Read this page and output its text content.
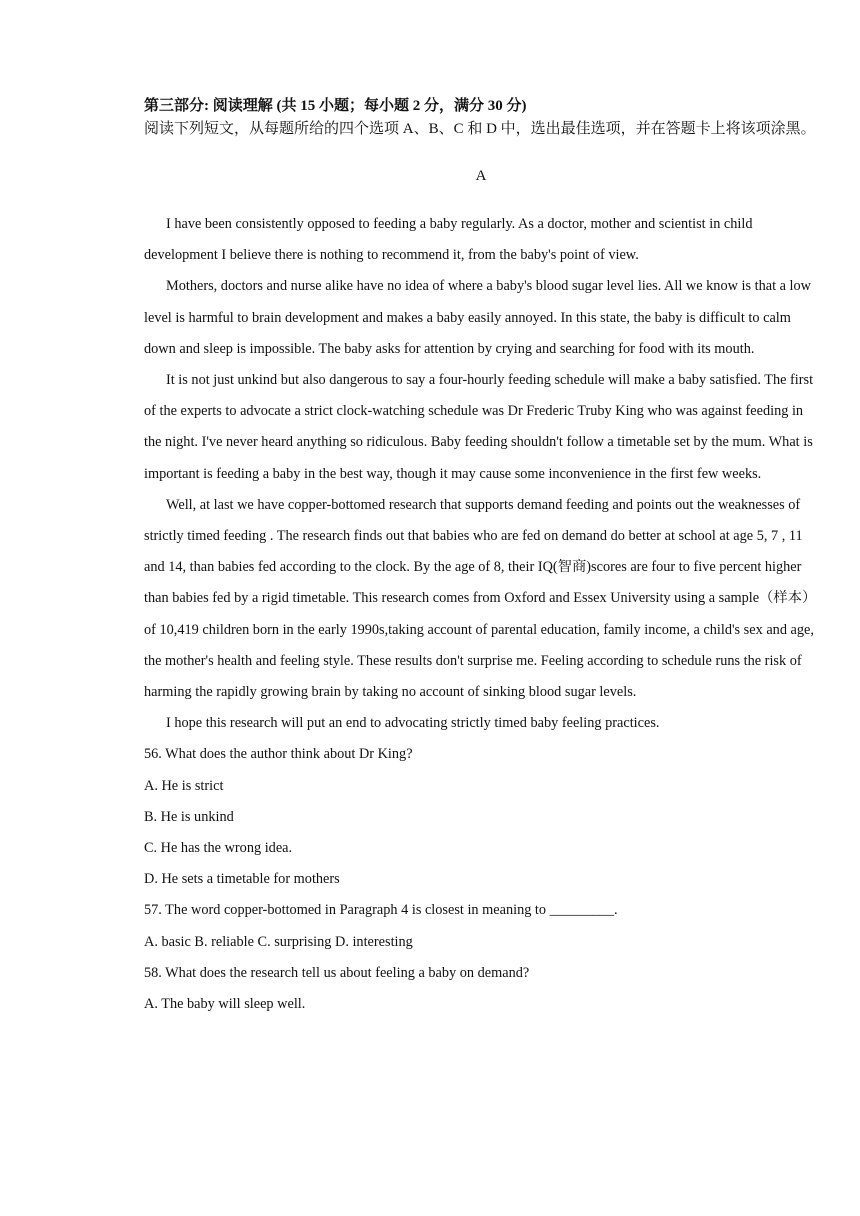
第三部分: 阅读理解 (共 15 小题；每小题 2 分，满分 30 分)
阅读下列短文，从每题所给的四个选项 A、B、C 和 D 中，选出最佳选项，并在答题卡上将该项涂黑。
A

I have been consistently opposed to feeding a baby regularly. As a doctor, mother and scientist in child development I believe there is nothing to recommend it, from the baby's point of view.

Mothers, doctors and nurse alike have no idea of where a baby's blood sugar level lies. All we know is that a low level is harmful to brain development and makes a baby easily annoyed. In this state, the baby is difficult to calm down and sleep is impossible. The baby asks for attention by crying and searching for food with its mouth.

It is not just unkind but also dangerous to say a four-hourly feeding schedule will make a baby satisfied. The first of the experts to advocate a strict clock-watching schedule was Dr Frederic Truby King who was against feeding in the night. I've never heard anything so ridiculous. Baby feeding shouldn't follow a timetable set by the mum. What is important is feeding a baby in the best way, though it may cause some inconvenience in the first few weeks.

Well, at last we have copper-bottomed research that supports demand feeding and points out the weaknesses of strictly timed feeding . The research finds out that babies who are fed on demand do better at school at age 5, 7 , 11 and 14, than babies fed according to the clock. By the age of 8, their IQ(智商)scores are four to five percent higher than babies fed by a rigid timetable. This research comes from Oxford and Essex University using a sample（样本）of 10,419 children born in the early 1990s,taking account of parental education, family income, a child's sex and age, the mother's health and feeling style. These results don't surprise me. Feeling according to schedule runs the risk of harming the rapidly growing brain by taking no account of sinking blood sugar levels.

I hope this research will put an end to advocating strictly timed baby feeling practices.

56. What does the author think about Dr King?

A. He is strict

B. He is unkind

C. He has the wrong idea.

D. He sets a timetable for mothers

57. The word copper-bottomed in Paragraph 4 is closest in meaning to _________.

A. basic B. reliable C. surprising D. interesting

58. What does the research tell us about feeling a baby on demand?

A. The baby will sleep well.
